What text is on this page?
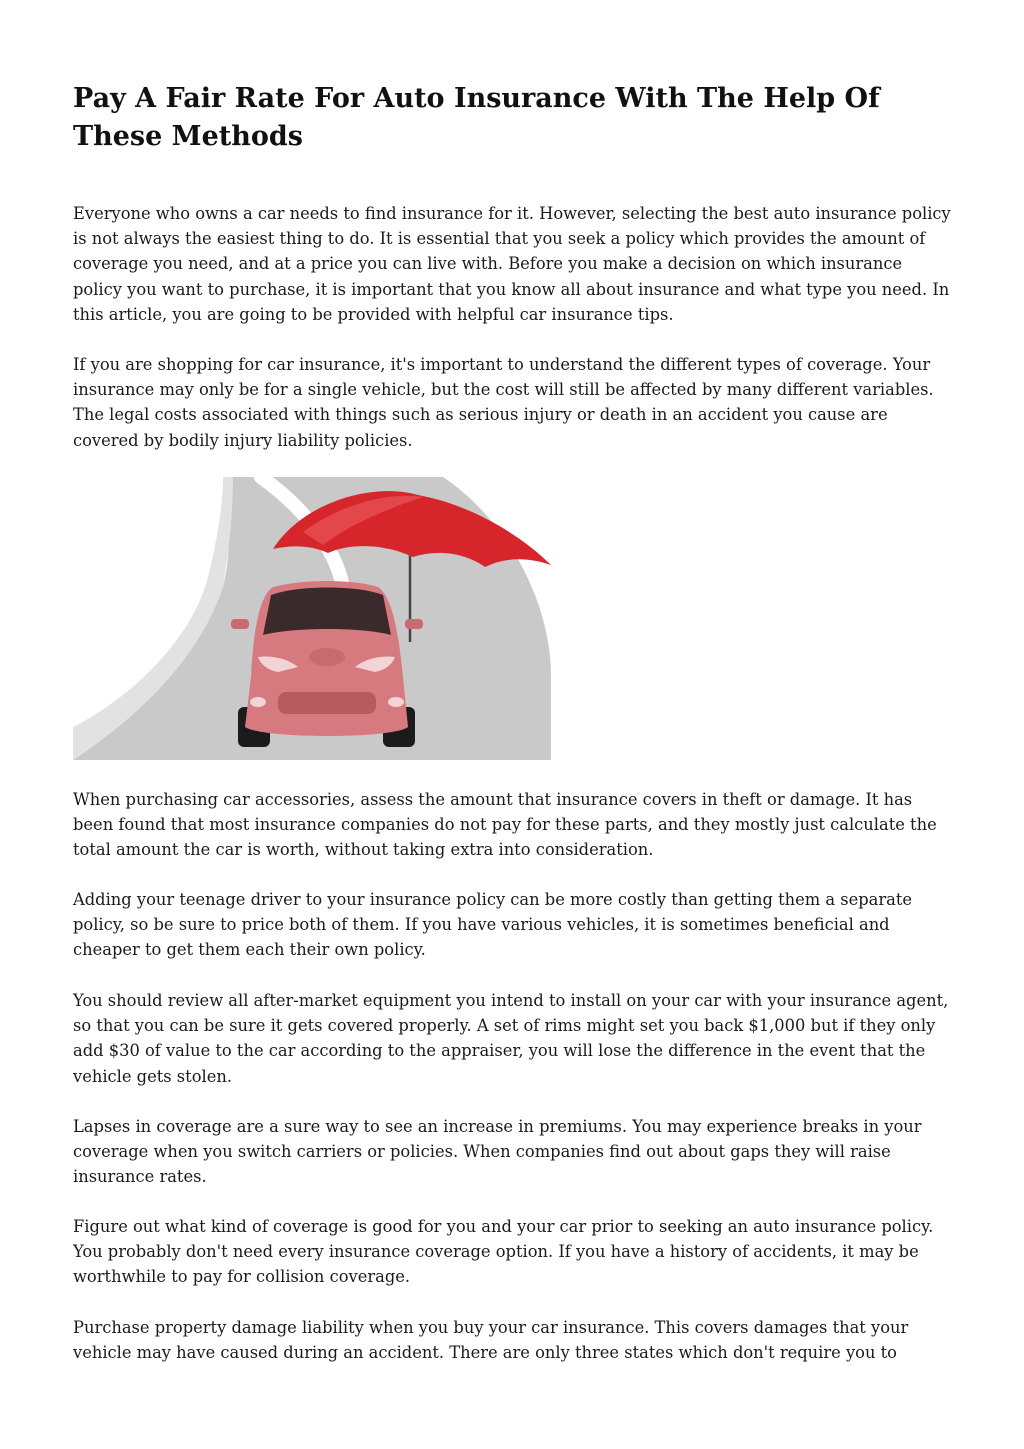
Pay A Fair Rate For Auto Insurance With The Help Of These Methods

Everyone who owns a car needs to find insurance for it. However, selecting the best auto insurance policy is not always the easiest thing to do. It is essential that you seek a policy which provides the amount of coverage you need, and at a price you can live with. Before you make a decision on which insurance policy you want to purchase, it is important that you know all about insurance and what type you need. In this article, you are going to be provided with helpful car insurance tips.

If you are shopping for car insurance, it's important to understand the different types of coverage. Your insurance may only be for a single vehicle, but the cost will still be affected by many different variables. The legal costs associated with things such as serious injury or death in an accident you cause are covered by bodily injury liability policies.

When purchasing car accessories, assess the amount that insurance covers in theft or damage. It has been found that most insurance companies do not pay for these parts, and they mostly just calculate the total amount the car is worth, without taking extra into consideration.

Adding your teenage driver to your insurance policy can be more costly than getting them a separate policy, so be sure to price both of them. If you have various vehicles, it is sometimes beneficial and cheaper to get them each their own policy.

You should review all after-market equipment you intend to install on your car with your insurance agent, so that you can be sure it gets covered properly. A set of rims might set you back $1,000 but if they only add $30 of value to the car according to the appraiser, you will lose the difference in the event that the vehicle gets stolen.

Lapses in coverage are a sure way to see an increase in premiums. You may experience breaks in your coverage when you switch carriers or policies. When companies find out about gaps they will raise insurance rates.

Figure out what kind of coverage is good for you and your car prior to seeking an auto insurance policy. You probably don't need every insurance coverage option. If you have a history of accidents, it may be worthwhile to pay for collision coverage.

Purchase property damage liability when you buy your car insurance. This covers damages that your vehicle may have caused during an accident. There are only three states which don't require you to
